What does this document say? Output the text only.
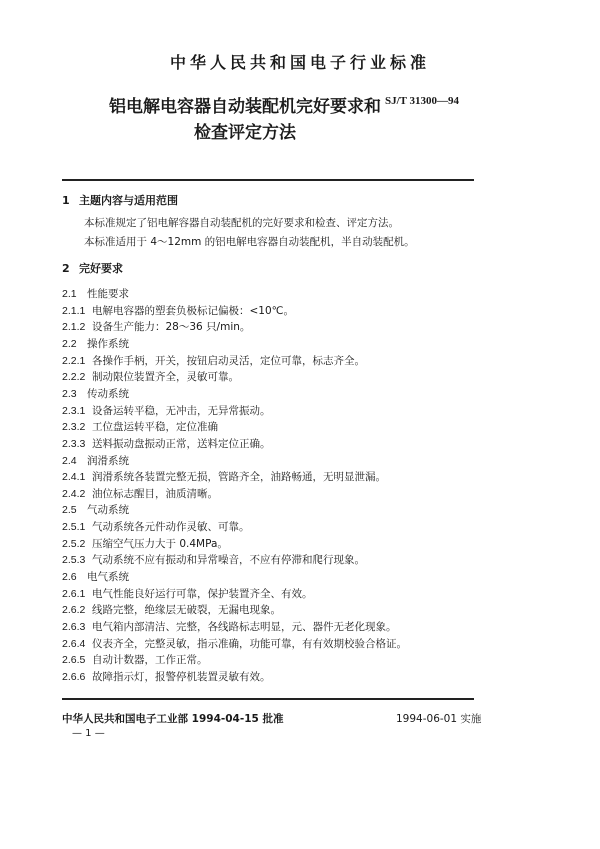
中华人民共和国电子行业标准
铝电解电容器自动装配机完好要求和
检查评定方法
SJ/T 31300—94
1 主题内容与适用范围
本标准规定了铝电解容器自动装配机的完好要求和检查、评定方法。
本标准适用于 4～12mm 的铝电解电容器自动装配机，半自动装配机。
2 完好要求
2.1 性能要求
2.1.1 电解电容器的塑套负极标记偏极：<10℃。
2.1.2 设备生产能力：28～36 只/min。
2.2 操作系统
2.2.1 各操作手柄，开关，按钮启动灵活，定位可靠，标志齐全。
2.2.2 制动限位装置齐全，灵敏可靠。
2.3 传动系统
2.3.1 设备运转平稳，无冲击，无异常振动。
2.3.2 工位盘运转平稳，定位准确
2.3.3 送料振动盘振动正常，送料定位正确。
2.4 润滑系统
2.4.1 润滑系统各装置完整无损，管路齐全，油路畅通，无明显泄漏。
2.4.2 油位标志醒目，油质清晰。
2.5 气动系统
2.5.1 气动系统各元件动作灵敏、可靠。
2.5.2 压缩空气压力大于 0.4MPa。
2.5.3 气动系统不应有振动和异常噪音，不应有停滞和爬行现象。
2.6 电气系统
2.6.1 电气性能良好运行可靠，保护装置齐全、有效。
2.6.2 线路完整，绝缘层无破裂，无漏电现象。
2.6.3 电气箱内部清洁、完整，各线路标志明显，元、器件无老化现象。
2.6.4 仪表齐全，完整灵敏，指示准确，功能可靠，有有效期校验合格证。
2.6.5 自动计数器，工作正常。
2.6.6 故障指示灯，报警停机装置灵敏有效。
中华人民共和国电子工业部 1994-04-15 批准	1994-06-01 实施
— 1 —
